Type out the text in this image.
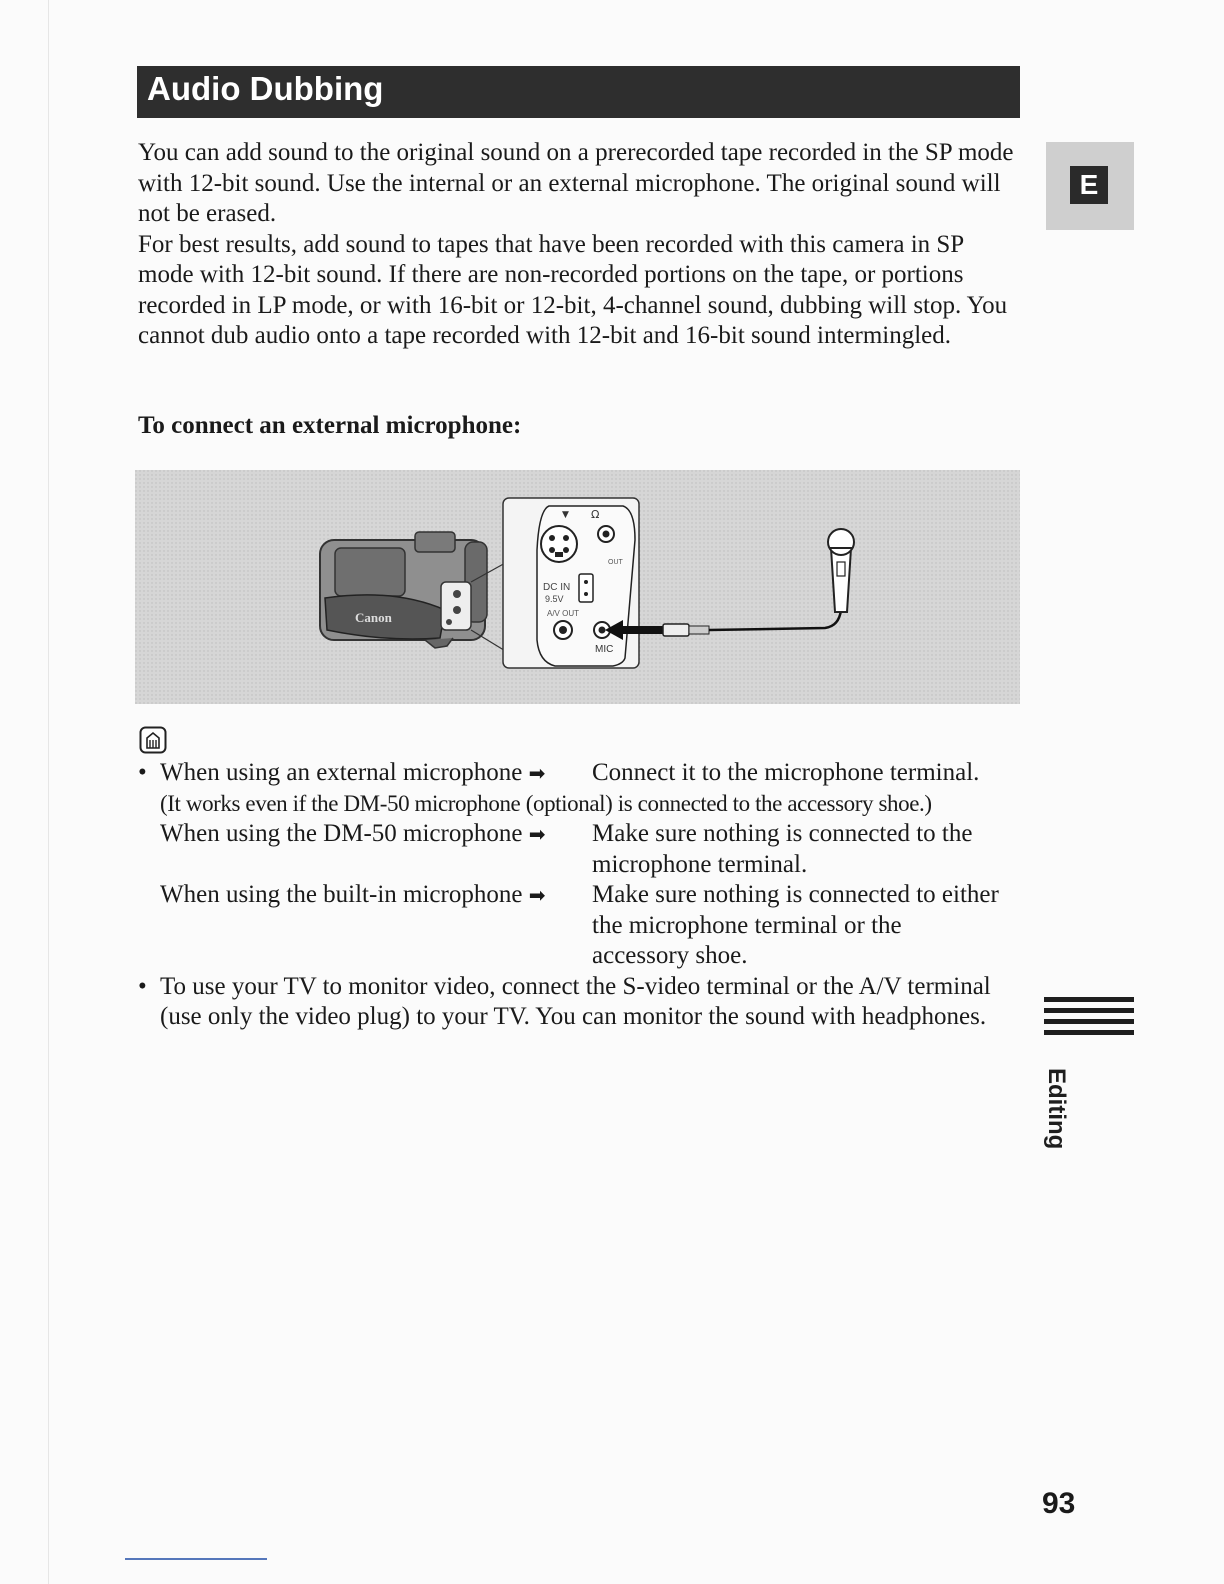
Audio Dubbing

You can add sound to the original sound on a prerecorded tape recorded in the SP mode with 12-bit sound. Use the internal or an external microphone. The original sound will not be erased.

For best results, add sound to tapes that have been recorded with this camera in SP mode with 12-bit sound. If there are non-recorded portions on the tape, or portions recorded in LP mode, or with 16-bit or 12-bit, 4-channel sound, dubbing will stop. You cannot dub audio onto a tape recorded with 12-bit and 16-bit sound intermingled.

To connect an external microphone:
Canon
Ω
▼
OUT
DC IN
9.5V
A/V OUT
MIC
• When using an external microphone ➡	Connect it to the microphone terminal.
(It works even if the DM-50 microphone (optional) is connected to the accessory shoe.)
When using the DM-50 microphone ➡	Make sure nothing is connected to the microphone terminal.
When using the built-in microphone ➡	Make sure nothing is connected to either the microphone terminal or the accessory shoe.
• To use your TV to monitor video, connect the S-video terminal or the A/V terminal (use only the video plug) to your TV. You can monitor the sound with headphones.
E
Editing
93
